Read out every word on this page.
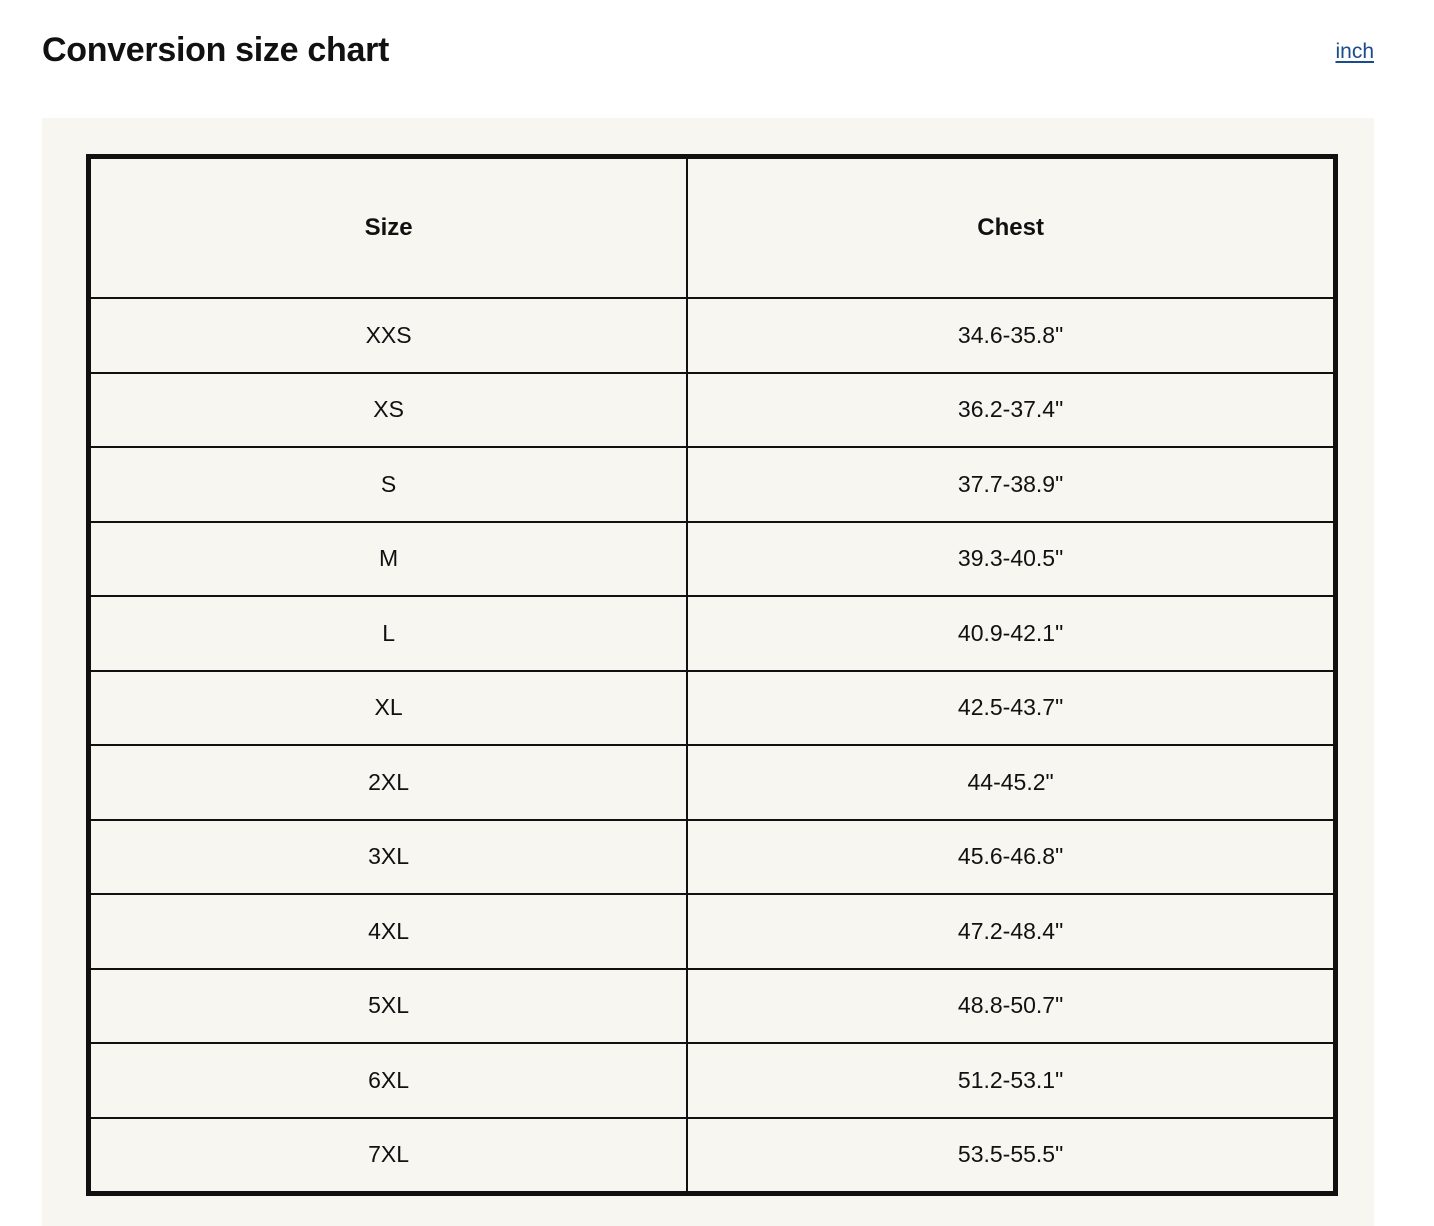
Conversion size chart	inch
Size	Chest
XXS	34.6-35.8"
XS	36.2-37.4"
S	37.7-38.9"
M	39.3-40.5"
L	40.9-42.1"
XL	42.5-43.7"
2XL	44-45.2"
3XL	45.6-46.8"
4XL	47.2-48.4"
5XL	48.8-50.7"
6XL	51.2-53.1"
7XL	53.5-55.5"
